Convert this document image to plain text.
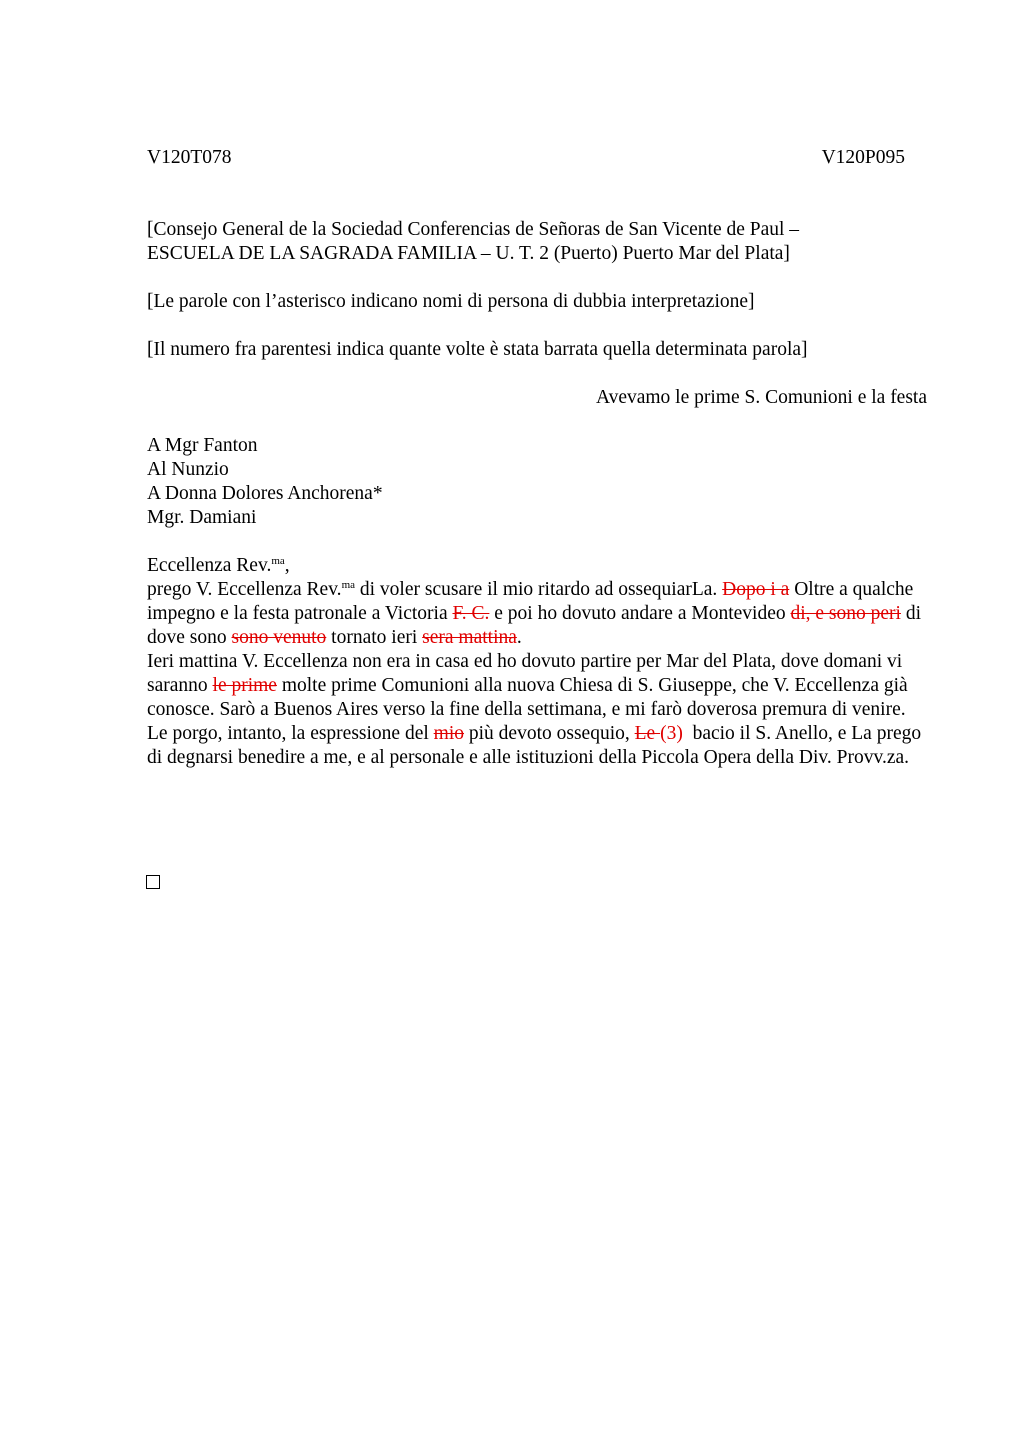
V120T078	V120P095

[Consejo General de la Sociedad Conferencias de Señoras de San Vicente de Paul –
ESCUELA DE LA SAGRADA FAMILIA – U. T. 2 (Puerto) Puerto Mar del Plata]

[Le parole con l’asterisco indicano nomi di persona di dubbia interpretazione]

[Il numero fra parentesi indica quante volte è stata barrata quella determinata parola]

Avevamo le prime S. Comunioni e la festa

A Mgr Fanton
Al Nunzio
A Donna Dolores Anchorena*
Mgr. Damiani

Eccellenza Rev.$^{ma}$,

prego V. Eccellenza Rev.$^{ma}$ di voler scusare il mio ritardo ad ossequiarLa. Dopo i a Oltre a qualche impegno e la festa patronale a Victoria F. C. e poi ho dovuto andare a Montevideo di, e sono peri di dove sono sono venuto tornato ieri sera mattina.

Ieri mattina V. Eccellenza non era in casa ed ho dovuto partire per Mar del Plata, dove domani vi saranno le prime molte prime Comunioni alla nuova Chiesa di S. Giuseppe, che V. Eccellenza già conosce. Sarò a Buenos Aires verso la fine della settimana, e mi farò doverosa premura di venire.

Le porgo, intanto, la espressione del mio più devoto ossequio, Le (3)  bacio il S. Anello, e La prego di degnarsi benedire a me, e al personale e alle istituzioni della Piccola Opera della Div. Provv.za.
